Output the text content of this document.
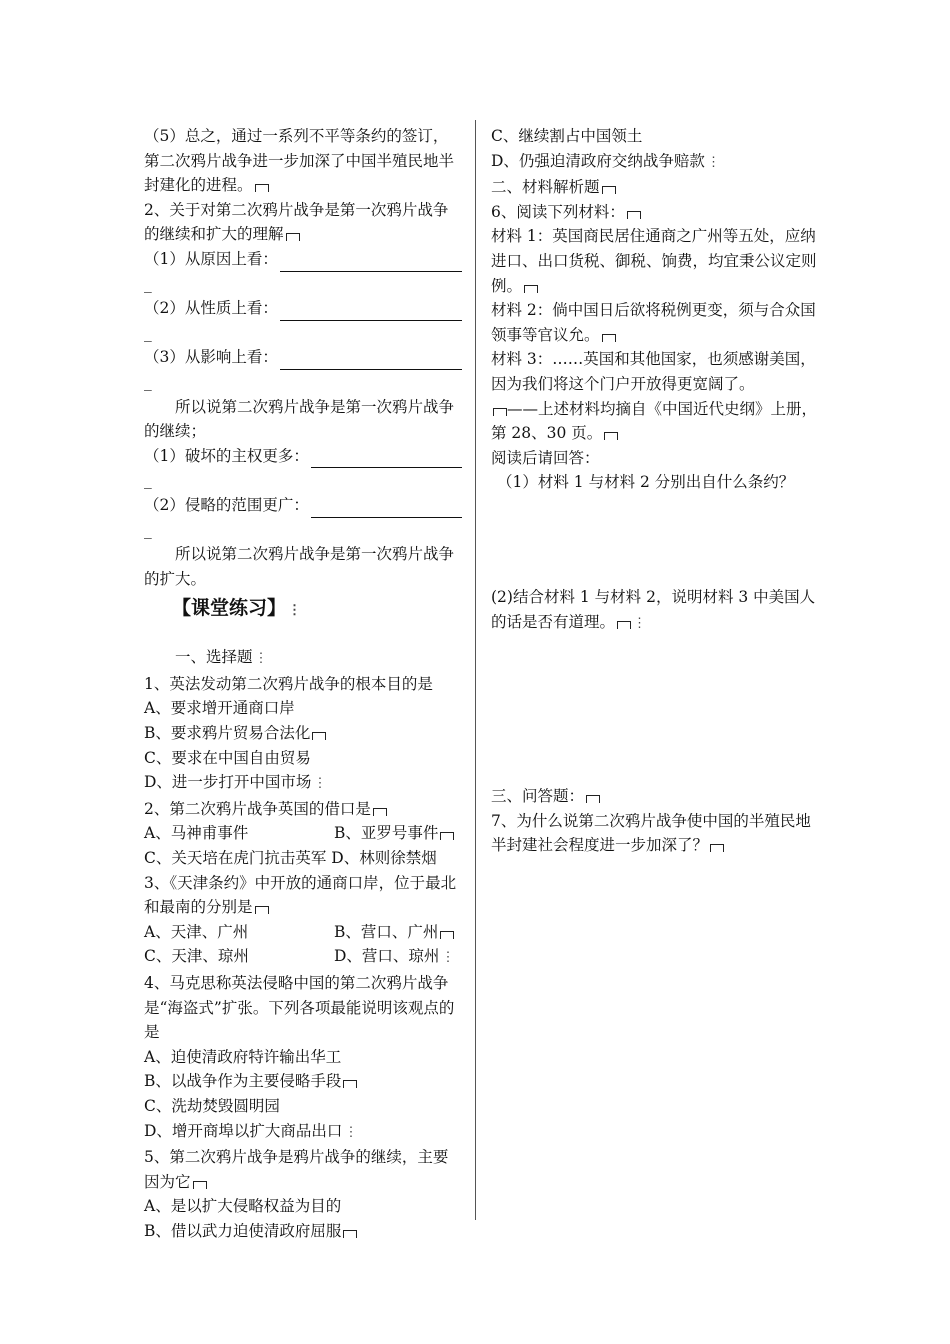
（5）总之，通过一系列不平等条约的签订，第二次鸦片战争进一步加深了中国半殖民地半封建化的进程。

2、关于对第二次鸦片战争是第一次鸦片战争的继续和扩大的理解

（1）从原因上看：

_

（2）从性质上看：

_

（3）从影响上看：

_

所以说第二次鸦片战争是第一次鸦片战争的继续；

（1）破坏的主权更多：

_

（2）侵略的范围更广：

_

所以说第二次鸦片战争是第一次鸦片战争的扩大。

【课堂练习】 ⋮

一、选择题 ⋮

1、英法发动第二次鸦片战争的根本目的是

A、要求增开通商口岸

B、要求鸦片贸易合法化

C、要求在中国自由贸易

D、进一步打开中国市场 ⋮

2、第二次鸦片战争英国的借口是

A、马神甫事件	B、亚罗号事件

C、关天培在虎门抗击英军 D、林则徐禁烟

3、《天津条约》中开放的通商口岸，位于最北和最南的分别是

A、天津、广州	B、营口、广州

C、天津、琼州	D、营口、琼州 ⋮

4、马克思称英法侵略中国的第二次鸦片战争是“海盗式”扩张。下列各项最能说明该观点的是

A、迫使清政府特许输出华工

B、以战争作为主要侵略手段

C、洗劫焚毁圆明园

D、增开商埠以扩大商品出口 ⋮

5、第二次鸦片战争是鸦片战争的继续，主要因为它

A、是以扩大侵略权益为目的

B、借以武力迫使清政府屈服

C、继续割占中国领土

D、仍强迫清政府交纳战争赔款 ⋮

二、材料解析题

6、阅读下列材料：

材料 1：英国商民居住通商之广州等五处，应纳进口、出口货税、御税、饷费，均宜秉公议定则例。

材料 2：倘中国日后欲将税例更变，须与合众国领事等官议允。

材料 3：……英国和其他国家，也须感谢美国，因为我们将这个门户开放得更宽阔了。

——上述材料均摘自《中国近代史纲》上册，第 28、30 页。

阅读后请回答：

（1）材料 1 与材料 2 分别出自什么条约？

(2)结合材料 1 与材料 2，说明材料 3 中美国人的话是否有道理。 ⋮

三、问答题：

7、为什么说第二次鸦片战争使中国的半殖民地半封建社会程度进一步加深了？
